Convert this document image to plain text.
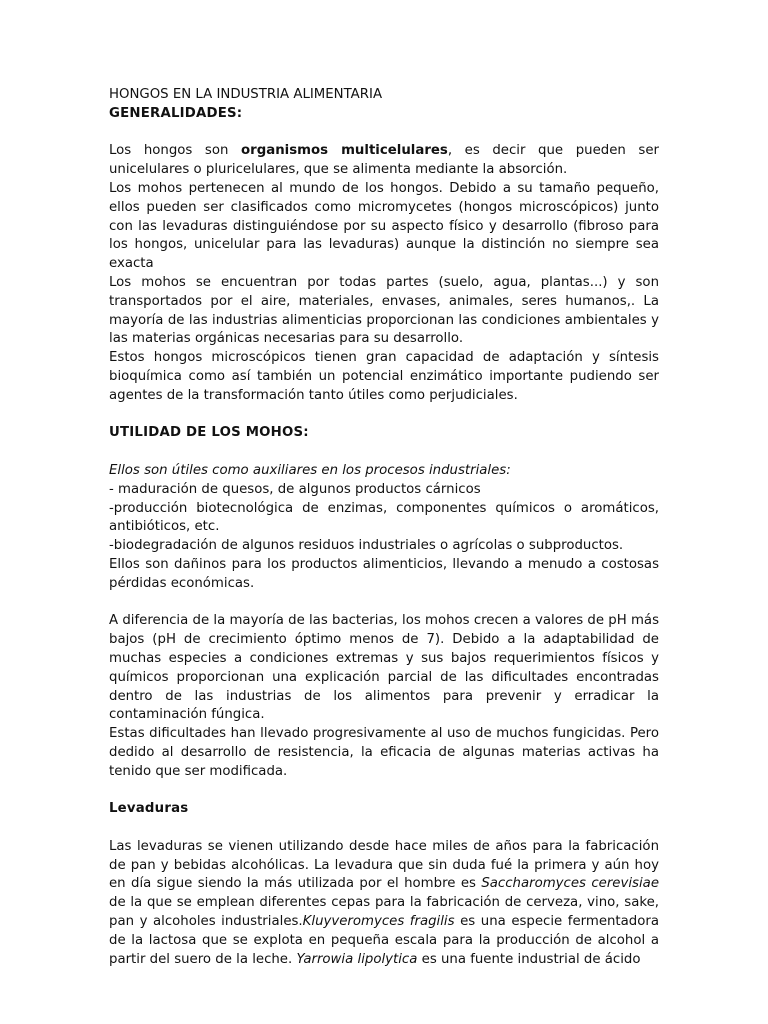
HONGOS EN LA INDUSTRIA ALIMENTARIA
GENERALIDADES:

Los hongos son organismos multicelulares, es decir que pueden ser unicelulares o pluricelulares, que se alimenta mediante la absorción.

Los mohos pertenecen al mundo de los hongos. Debido a su tamaño pequeño, ellos pueden ser clasificados como micromycetes (hongos microscópicos) junto con las levaduras distinguiéndose por su aspecto físico y desarrollo (fibroso para los hongos, unicelular para las levaduras) aunque la distinción no siempre sea exacta

Los mohos se encuentran por todas partes (suelo, agua, plantas...) y son transportados por el aire, materiales, envases, animales, seres humanos,. La mayoría de las industrias alimenticias proporcionan las condiciones ambientales y las materias orgánicas necesarias para su desarrollo.

Estos hongos microscópicos tienen gran capacidad de adaptación y síntesis bioquímica como así también un potencial enzimático importante pudiendo ser agentes de la transformación tanto útiles como perjudiciales.

UTILIDAD DE LOS MOHOS:

Ellos son útiles como auxiliares en los procesos industriales:

- maduración de quesos, de algunos productos cárnicos

-producción biotecnológica de enzimas, componentes químicos o aromáticos, antibióticos, etc.

-biodegradación de algunos residuos industriales o agrícolas o subproductos.

Ellos son dañinos para los productos alimenticios, llevando a menudo a costosas pérdidas económicas.

A diferencia de la mayoría de las bacterias, los mohos crecen a valores de pH más bajos (pH de crecimiento óptimo menos de 7). Debido a la adaptabilidad de muchas especies a condiciones extremas y sus bajos requerimientos físicos y químicos proporcionan una explicación parcial de las dificultades encontradas dentro de las industrias de los alimentos para prevenir y erradicar la contaminación fúngica.

Estas dificultades han llevado progresivamente al uso de muchos fungicidas. Pero dedido al desarrollo de resistencia, la eficacia de algunas materias activas ha tenido que ser modificada.

Levaduras

Las levaduras se vienen utilizando desde hace miles de años para la fabricación de pan y bebidas alcohólicas. La levadura que sin duda fué la primera y aún hoy en día sigue siendo la más utilizada por el hombre es Saccharomyces cerevisiae de la que se emplean diferentes cepas para la fabricación de cerveza, vino, sake, pan y alcoholes industriales.Kluyveromyces fragilis es una especie fermentadora de la lactosa que se explota en pequeña escala para la producción de alcohol a partir del suero de la leche. Yarrowia lipolytica es una fuente industrial de ácido
